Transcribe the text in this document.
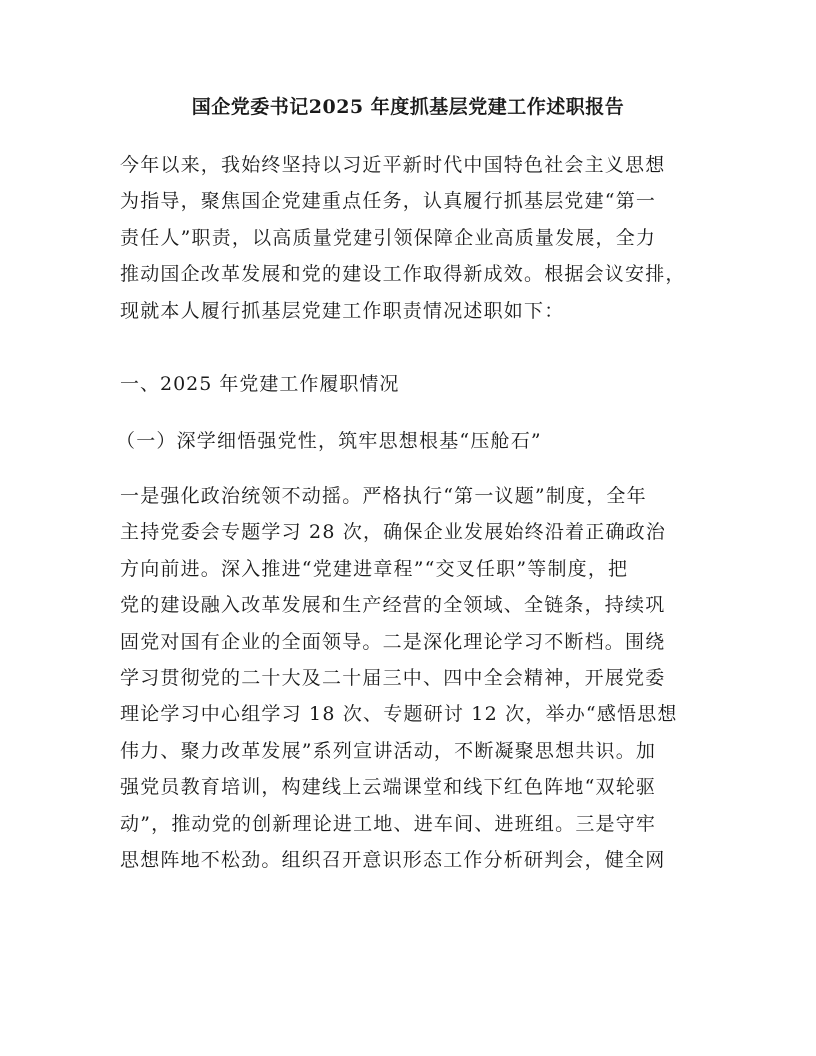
国企党委书记2025 年度抓基层党建工作述职报告
今年以来，我始终坚持以习近平新时代中国特色社会主义思想
为指导，聚焦国企党建重点任务，认真履行抓基层党建“第一
责任人”职责，以高质量党建引领保障企业高质量发展，全力
推动国企改革发展和党的建设工作取得新成效。根据会议安排，
现就本人履行抓基层党建工作职责情况述职如下：
一、2025 年党建工作履职情况
（一）深学细悟强党性，筑牢思想根基“压舱石”
一是强化政治统领不动摇。严格执行“第一议题”制度，全年
主持党委会专题学习 28 次，确保企业发展始终沿着正确政治
方向前进。深入推进“党建进章程”“交叉任职”等制度，把
党的建设融入改革发展和生产经营的全领域、全链条，持续巩
固党对国有企业的全面领导。二是深化理论学习不断档。围绕
学习贯彻党的二十大及二十届三中、四中全会精神，开展党委
理论学习中心组学习 18 次、专题研讨 12 次，举办“感悟思想
伟力、聚力改革发展”系列宣讲活动，不断凝聚思想共识。加
强党员教育培训，构建线上云端课堂和线下红色阵地“双轮驱
动”，推动党的创新理论进工地、进车间、进班组。三是守牢
思想阵地不松劲。组织召开意识形态工作分析研判会，健全网
